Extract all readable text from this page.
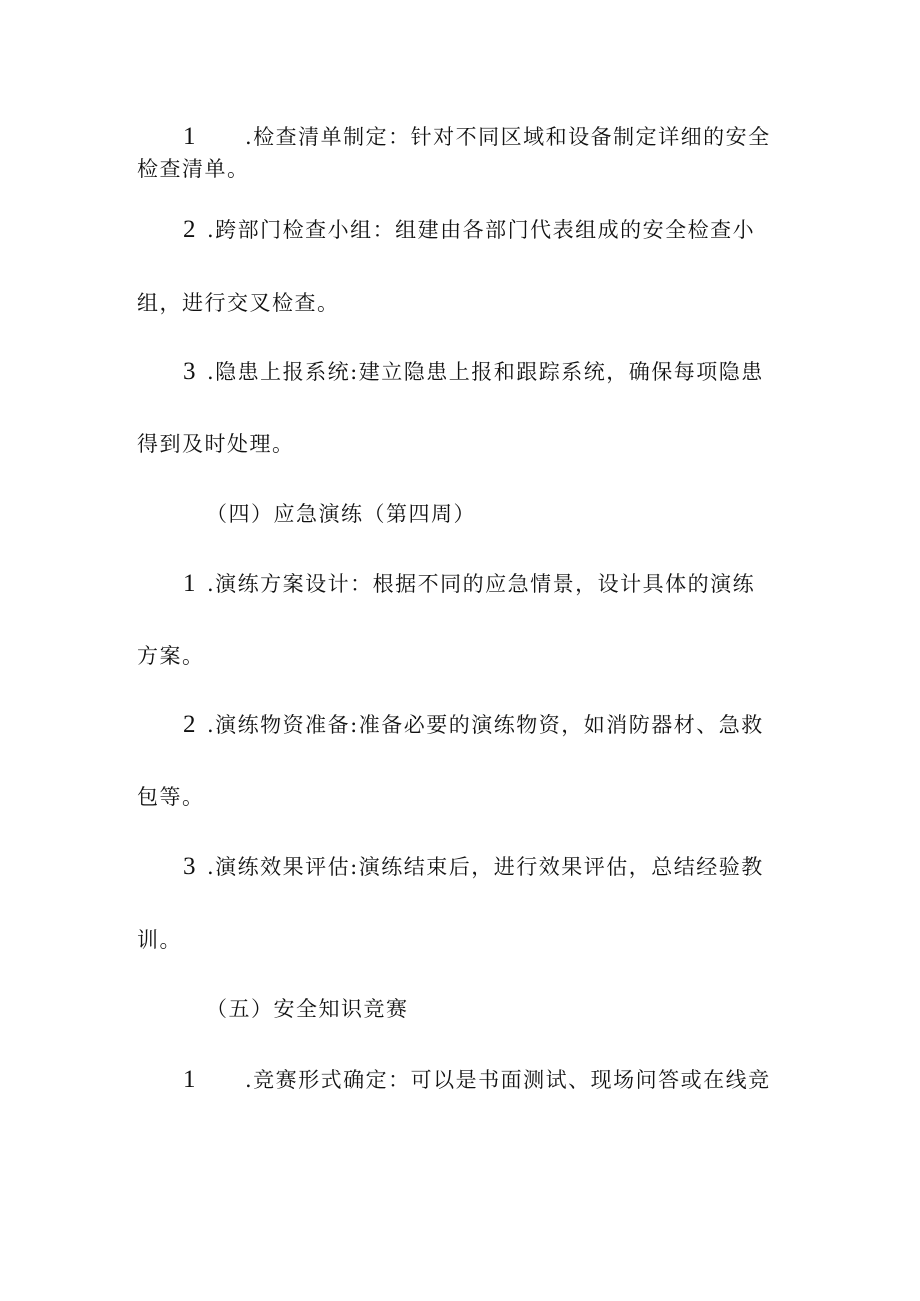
1 .检查清单制定：针对不同区域和设备制定详细的安全
检查清单。
2 .跨部门检查小组：组建由各部门代表组成的安全检查小
组，进行交叉检查。
3 .隐患上报系统:建立隐患上报和跟踪系统，确保每项隐患
得到及时处理。
（四）应急演练（第四周）
1 .演练方案设计：根据不同的应急情景，设计具体的演练
方案。
2 .演练物资准备:准备必要的演练物资，如消防器材、急救
包等。
3 .演练效果评估:演练结束后，进行效果评估，总结经验教
训。
（五）安全知识竞赛
1 .竞赛形式确定：可以是书面测试、现场问答或在线竞
